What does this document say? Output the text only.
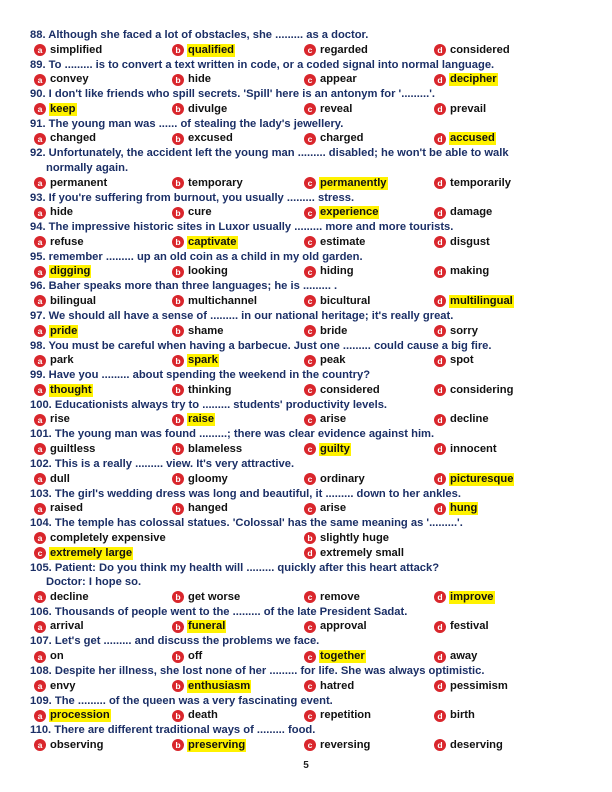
88. Although she faced a lot of obstacles, she ......... as a doctor.
a simplified	b qualified	c regarded	d considered
89. To ......... is to convert a text written in code, or a coded signal into normal language.
a convey	b hide	c appear	d decipher
90. I don't like friends who spill secrets. 'Spill' here is an antonym for '.........'.
a keep	b divulge	c reveal	d prevail
91. The young man was ...... of stealing the lady's jewellery.
a changed	b excused	c charged	d accused
92. Unfortunately, the accident left the young man ......... disabled; he won't be able to walk
normally again.
a permanent	b temporary	c permanently	d temporarily
93. If you're suffering from burnout, you usually ......... stress.
a hide	b cure	c experience	d damage
94. The impressive historic sites in Luxor usually ......... more and more tourists.
a refuse	b captivate	c estimate	d disgust
95. remember ......... up an old coin as a child in my old garden.
a digging	b looking	c hiding	d making
96. Baher speaks more than three languages; he is ......... .
a bilingual	b multichannel	c bicultural	d multilingual
97. We should all have a sense of ......... in our national heritage; it's really great.
a pride	b shame	c bride	d sorry
98. You must be careful when having a barbecue. Just one ......... could cause a big fire.
a park	b spark	c peak	d spot
99. Have you ......... about spending the weekend in the country?
a thought	b thinking	c considered	d considering
100. Educationists always try to ......... students' productivity levels.
a rise	b raise	c arise	d decline
101. The young man was found .........; there was clear evidence against him.
a guiltless	b blameless	c guilty	d innocent
102. This is a really ......... view. It's very attractive.
a dull	b gloomy	c ordinary	d picturesque
103. The girl's wedding dress was long and beautiful, it ......... down to her ankles.
a raised	b hanged	c arise	d hung
104. The temple has colossal statues. 'Colossal' has the same meaning as '.........'.
a completely expensive	b slightly huge
c extremely large	d extremely small
105. Patient: Do you think my health will ......... quickly after this heart attack?
Doctor: I hope so.
a decline	b get worse	c remove	d improve
106. Thousands of people went to the ......... of the late President Sadat.
a arrival	b funeral	c approval	d festival
107. Let's get ......... and discuss the problems we face.
a on	b off	c together	d away
108. Despite her illness, she lost none of her ......... for life. She was always optimistic.
a envy	b enthusiasm	c hatred	d pessimism
109. The ......... of the queen was a very fascinating event.
a procession	b death	c repetition	d birth
110. There are different traditional ways of ......... food.
a observing	b preserving	c reversing	d deserving
5
